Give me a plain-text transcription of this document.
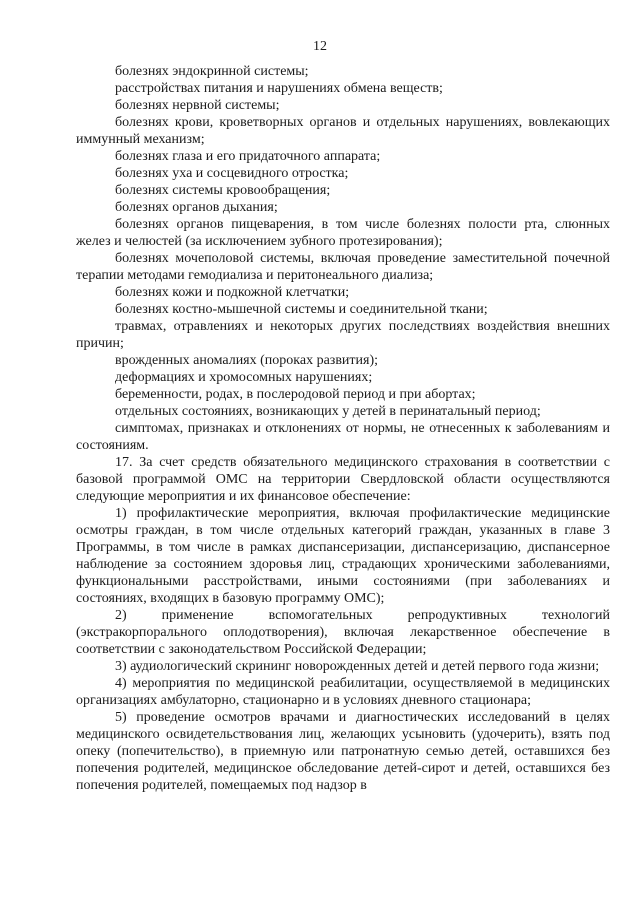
12

болезнях эндокринной системы;

расстройствах питания и нарушениях обмена веществ;

болезнях нервной системы;

болезнях крови, кроветворных органов и отдельных нарушениях, вовлекающих иммунный механизм;

болезнях глаза и его придаточного аппарата;

болезнях уха и сосцевидного отростка;

болезнях системы кровообращения;

болезнях органов дыхания;

болезнях органов пищеварения, в том числе болезнях полости рта, слюнных желез и челюстей (за исключением зубного протезирования);

болезнях мочеполовой системы, включая проведение заместительной почечной терапии методами гемодиализа и перитонеального диализа;

болезнях кожи и подкожной клетчатки;

болезнях костно-мышечной системы и соединительной ткани;

травмах, отравлениях и некоторых других последствиях воздействия внешних причин;

врожденных аномалиях (пороках развития);

деформациях и хромосомных нарушениях;

беременности, родах, в послеродовой период и при абортах;

отдельных состояниях, возникающих у детей в перинатальный период;

симптомах, признаках и отклонениях от нормы, не отнесенных к заболеваниям и состояниям.

17. За счет средств обязательного медицинского страхования в соответствии с базовой программой ОМС на территории Свердловской области осуществляются следующие мероприятия и их финансовое обеспечение:

1) профилактические мероприятия, включая профилактические медицинские осмотры граждан, в том числе отдельных категорий граждан, указанных в главе 3 Программы, в том числе в рамках диспансеризации, диспансеризацию, диспансерное наблюдение за состоянием здоровья лиц, страдающих хроническими заболеваниями, функциональными расстройствами, иными состояниями (при заболеваниях и состояниях, входящих в базовую программу ОМС);

2) применение вспомогательных репродуктивных технологий (экстракорпорального оплодотворения), включая лекарственное обеспечение в соответствии с законодательством Российской Федерации;

3) аудиологический скрининг новорожденных детей и детей первого года жизни;

4) мероприятия по медицинской реабилитации, осуществляемой в медицинских организациях амбулаторно, стационарно и в условиях дневного стационара;

5) проведение осмотров врачами и диагностических исследований в целях медицинского освидетельствования лиц, желающих усыновить (удочерить), взять под опеку (попечительство), в приемную или патронатную семью детей, оставшихся без попечения родителей, медицинское обследование детей-сирот и детей, оставшихся без попечения родителей, помещаемых под надзор в
